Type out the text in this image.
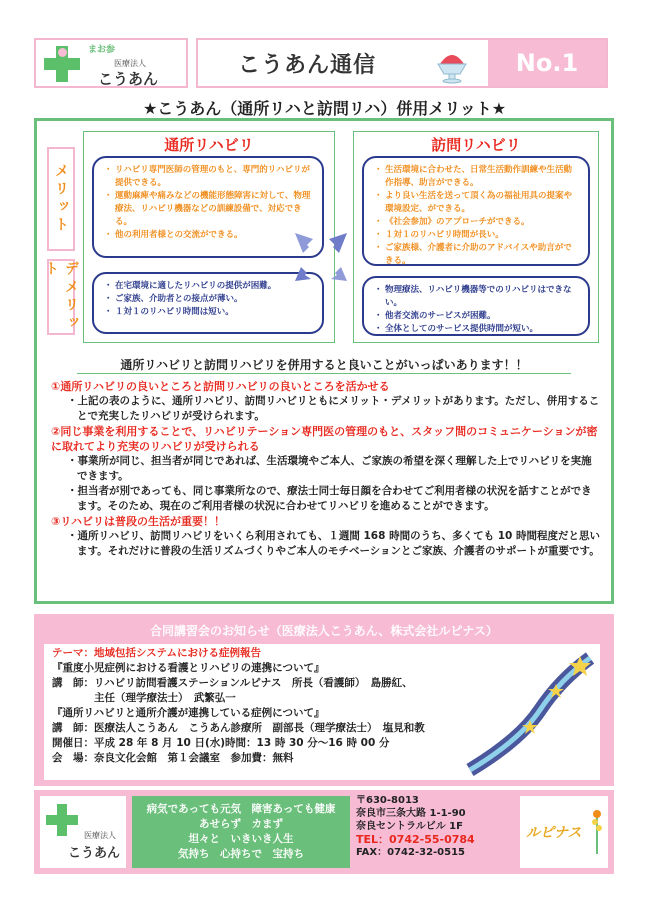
まお参
医療法人
こうあん
こうあん通信	No.1
★こうあん（通所リハと訪問リハ）併用メリット★
メリット
デメリット
通所リハビリ
・ リハビリ専門医師の管理のもと、専門的リハビリが提供できる。
・ 運動麻痺や痛みなどの機能形態障害に対して、物理療法、リハビリ機器などの訓練設備で、対応できる。
・ 他の利用者様との交流ができる。
・ 在宅環境に適したリハビリの提供が困難。
・ ご家族、介助者との接点が薄い。
・ １対１のリハビリ時間は短い。
訪問リハビリ
・ 生活環境に合わせた、日常生活動作訓練や生活動作指導、助言ができる。
・ より良い生活を送って頂く為の福祉用具の提案や環境設定、ができる。
・ 《社会参加》のアプローチができる。
・ １対１のリハビリ時間が長い。
・ ご家族様、介護者に介助のアドバイスや助言ができる。
・ 物理療法、リハビリ機器等でのリハビリはできない。
・ 他者交流のサービスが困難。
・ 全体としてのサービス提供時間が短い。
通所リハビリと訪問リハビリを併用すると良いことがいっぱいあります！！
①通所リハビリの良いところと訪問リハビリの良いところを活かせる
・上記の表のように、通所リハビリ、訪問リハビリともにメリット・デメリットがあります。ただし、併用することで充実したリハビリが受けられます。
②同じ事業を利用することで、リハビリテーション専門医の管理のもと、スタッフ間のコミュニケーションが密に取れてより充実のリハビリが受けられる
・事業所が同じ、担当者が同じであれば、生活環境やご本人、ご家族の希望を深く理解した上でリハビリを実施できます。
・担当者が別であっても、同じ事業所なので、療法士同士毎日顔を合わせてご利用者様の状況を話すことができます。そのため、現在のご利用者様の状況に合わせてリハビリを進めることができます。
③リハビリは普段の生活が重要！！
・通所リハビリ、訪問リハビリをいくら利用されても、１週間 168 時間のうち、多くても 10 時間程度だと思います。それだけに普段の生活リズムづくりやご本人のモチベーションとご家族、介護者のサポートが重要です。
合同講習会のお知らせ（医療法人こうあん、株式会社ルピナス）
テーマ：地域包括システムにおける症例報告
『重度小児症例における看護とリハビリの連携について』
講　師：リハビリ訪問看護ステーションルピナス　所長（看護師）　島勝紅、
　　　　主任（理学療法士）　武繁弘一
『通所リハビリと通所介護が連携している症例について』
講　師：医療法人こうあん　こうあん診療所　副部長（理学療法士）　塩見和教
開催日：平成 28 年 8 月 10 日(水)時間：13 時 30 分～16 時 00 分
会　場：奈良文化会館　第１会議室　参加費：無料
医療法人
こうあん
病気であっても元気　障害あっても健康
あせらず　カまず
坦々と　いきいき人生
気持ち　心持ちで　宝持ち
〒630-8013
奈良市三条大路 1-1-90
奈良セントラルビル 1F
TEL：0742-55-0784
FAX：0742-32-0515
ルピナス
